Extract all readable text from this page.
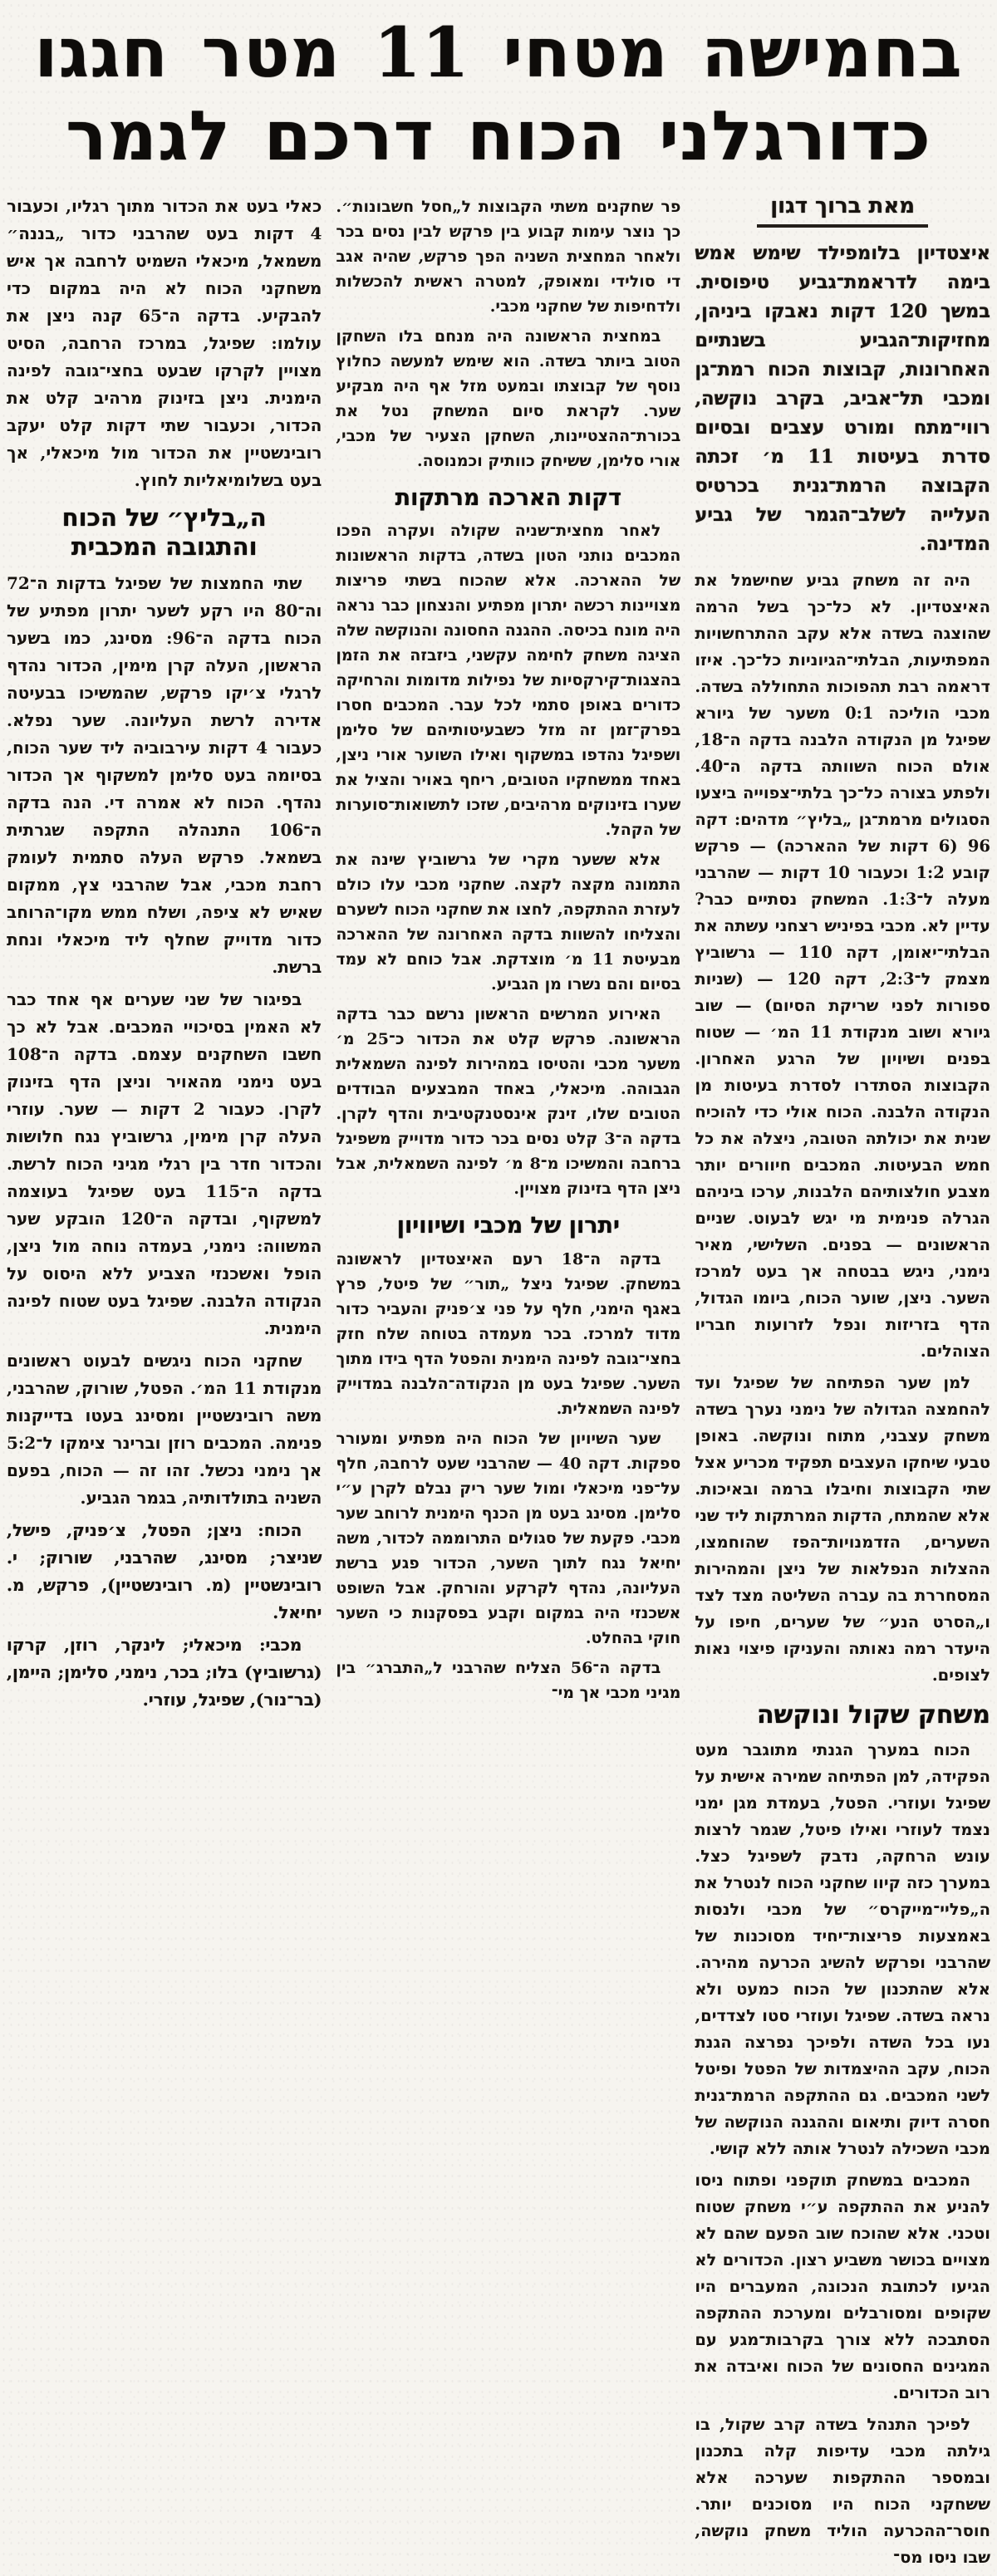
בחמישה מטחי 11 מטר חגגו
כדורגלני הכוח דרכם לגמר

מאת ברוך דגון

איצטדיון בלומפילד שימש אמש בימה לדראמת־גביע טיפוסית. במשך 120 דקות נאבקו ביניהן, מחזיקות־הגביע בשנתיים האחרונות, קבוצות הכוח רמת־גן ומכבי תל־אביב, בקרב נוקשה, רווי־מתח ומורט עצבים ובסיום סדרת בעיטות 11 מ׳ זכתה הקבוצה הרמת־גנית בכרטיס העלייה לשלב־הגמר של גביע המדינה.

היה זה משחק גביע שחישמל את האיצטדיון. לא כל־כך בשל הרמה שהוצגה בשדה אלא עקב ההתרחשויות המפתיעות, הבלתי־הגיוניות כל־כך. איזו דראמה רבת תהפוכות התחוללה בשדה. מכבי הוליכה 0:1 משער של גיורא שפיגל מן הנקודה הלבנה בדקה ה־18, אולם הכוח השוותה בדקה ה־40. ולפתע בצורה כל־כך בלתי־צפוייה ביצעו הסגולים מרמת־גן „בליץ״ מדהים: דקה 96 (6 דקות של ההארכה) — פרקש קובע 1:2 וכעבור 10 דקות — שהרבני מעלה ל־1:3. המשחק נסתיים כבר? עדיין לא. מכבי בפיניש רצחני עשתה את הבלתי־יאומן, דקה 110 — גרשוביץ מצמק ל־2:3, דקה 120 — (שניות ספורות לפני שריקת הסיום) — שוב גיורא ושוב מנקודת 11 המ׳ — שטוח בפנים ושיויון של הרגע האחרון. הקבוצות הסתדרו לסדרת בעיטות מן הנקודה הלבנה. הכוח אולי כדי להוכיח שנית את יכולתה הטובה, ניצלה את כל חמש הבעיטות. המכבים חיוורים יותר מצבע חולצותיהם הלבנות, ערכו ביניהם הגרלה פנימית מי יגש לבעוט. שניים הראשונים — בפנים. השלישי, מאיר נימני, ניגש בבטחה אך בעט למרכז השער. ניצן, שוער הכוח, ביומו הגדול, הדף בזריזות ונפל לזרועות חבריו הצוהלים.

למן שער הפתיחה של שפיגל ועד להחמצה הגדולה של נימני נערך בשדה משחק עצבני, מתוח ונוקשה. באופן טבעי שיחקו העצבים תפקיד מכריע אצל שתי הקבוצות וחיבלו ברמה ובאיכות. אלא שהמתח, הדקות המרתקות ליד שני השערים, הזדמנויות־הפז שהוחמצו, ההצלות הנפלאות של ניצן והמהירות המסחררת בה עברה השליטה מצד לצד ו„הסרט הנע״ של שערים, חיפו על היעדר רמה נאותה והעניקו פיצוי נאות לצופים.

משחק שקול ונוקשה

הכוח במערך הגנתי מתוגבר מעט הפקידה, למן הפתיחה שמירה אישית על שפיגל ועוזרי. הפטל, בעמדת מגן ימני נצמד לעוזרי ואילו פיטל, שגמר לרצות עונש הרחקה, נדבק לשפיגל כצל. במערך כזה קיוו שחקני הכוח לנטרל את ה„פליי־מייקרס״ של מכבי ולנסות באמצעות פריצות־יחיד מסוכנות של שהרבני ופרקש להשיג הכרעה מהירה. אלא שהתכנון של הכוח כמעט ולא נראה בשדה. שפיגל ועוזרי סטו לצדדים, נעו בכל השדה ולפיכך נפרצה הגנת הכוח, עקב ההיצמדות של הפטל ופיטל לשני המכבים. גם ההתקפה הרמת־גנית חסרה דיוק ותיאום וההגנה הנוקשה של מכבי השכילה לנטרל אותה ללא קושי.

המכבים במשחק תוקפני ופתוח ניסו להניע את ההתקפה ע״י משחק שטוח וטכני. אלא שהוכח שוב הפעם שהם לא מצויים בכושר משביע רצון. הכדורים לא הגיעו לכתובת הנכונה, המעברים היו שקופים ומסורבלים ומערכת ההתקפה הסתבכה ללא צורך בקרבות־מגע עם המגינים החסונים של הכוח ואיבדה את רוב הכדורים.

לפיכך התנהל בשדה קרב שקול, בו גילתה מכבי עדיפות קלה בתכנון ובמספר ההתקפות שערכה אלא ששחקני הכוח היו מסוכנים יותר. חוסר־ההכרעה הוליד משחק נוקשה, שבו ניסו מס־

פר שחקנים משתי הקבוצות ל„חסל חשבונות״. כך נוצר עימות קבוע בין פרקש לבין נסים בכר ולאחר המחצית השניה הפך פרקש, שהיה אגב די סולידי ומאופק, למטרה ראשית להכשלות ולדחיפות של שחקני מכבי.

במחצית הראשונה היה מנחם בלו השחקן הטוב ביותר בשדה. הוא שימש למעשה כחלוץ נוסף של קבוצתו ובמעט מזל אף היה מבקיע שער. לקראת סיום המשחק נטל את בכורת־ההצטיינות, השחקן הצעיר של מכבי, אורי סלימן, ששיחק כוותיק וכמנוסה.

דקות הארכה מרתקות

לאחר מחצית־שניה שקולה ועקרה הפכו המכבים נותני הטון בשדה, בדקות הראשונות של ההארכה. אלא שהכוח בשתי פריצות מצויינות רכשה יתרון מפתיע והנצחון כבר נראה היה מונח בכיסה. ההגנה החסונה והנוקשה שלה הציגה משחק לחימה עקשני, ביזבזה את הזמן בהצגות־קירקסיות של נפילות מדומות והרחיקה כדורים באופן סתמי לכל עבר. המכבים חסרו בפרק־זמן זה מזל כשבעיטותיהם של סלימן ושפיגל נהדפו במשקוף ואילו השוער אורי ניצן, באחד ממשחקיו הטובים, ריחף באויר והציל את שערו בזינוקים מרהיבים, שזכו לתשואות־סוערות של הקהל.

אלא ששער מקרי של גרשוביץ שינה את התמונה מקצה לקצה. שחקני מכבי עלו כולם לעזרת ההתקפה, לחצו את שחקני הכוח לשערם והצליחו להשוות בדקה האחרונה של ההארכה מבעיטת 11 מ׳ מוצדקת. אבל כוחם לא עמד בסיום והם נשרו מן הגביע.

האירוע המרשים הראשון נרשם כבר בדקה הראשונה. פרקש קלט את הכדור כ־25 מ׳ משער מכבי והטיסו במהירות לפינה השמאלית הגבוהה. מיכאלי, באחד המבצעים הבודדים הטובים שלו, זינק אינסטנקטיבית והדף לקרן. בדקה ה־3 קלט נסים בכר כדור מדוייק משפיגל ברחבה והמשיכו מ־8 מ׳ לפינה השמאלית, אבל ניצן הדף בזינוק מצויין.

יתרון של מכבי ושיוויון

בדקה ה־18 רעם האיצטדיון לראשונה במשחק. שפיגל ניצל „תור״ של פיטל, פרץ באגף הימני, חלף על פני צ׳פניק והעביר כדור מדוד למרכז. בכר מעמדה בטוחה שלח חזק בחצי־גובה לפינה הימנית והפטל הדף בידו מתוך השער. שפיגל בעט מן הנקודה־הלבנה במדוייק לפינה השמאלית.

שער השיויון של הכוח היה מפתיע ומעורר ספקות. דקה 40 — שהרבני שעט לרחבה, חלף על־פני מיכאלי ומול שער ריק נבלם לקרן ע״י סלימן. מסינג בעט מן הכנף הימנית לרוחב שער מכבי. פקעת של סגולים התרוממה לכדור, משה יחיאל נגח לתוך השער, הכדור פגע ברשת העליונה, נהדף לקרקע והורחק. אבל השופט אשכנזי היה במקום וקבע בפסקנות כי השער חוקי בהחלט.

בדקה ה־56 הצליח שהרבני ל„התברג״ בין מגיני מכבי אך מי־

כאלי בעט את הכדור מתוך רגליו, וכעבור 4 דקות בעט שהרבני כדור „בננה״ משמאל, מיכאלי השמיט לרחבה אך איש משחקני הכוח לא היה במקום כדי להבקיע. בדקה ה־65 קנה ניצן את עולמו: שפיגל, במרכז הרחבה, הסיט מצויין לקרקו שבעט בחצי־גובה לפינה הימנית. ניצן בזינוק מרהיב קלט את הכדור, וכעבור שתי דקות קלט יעקב רובינשטיין את הכדור מול מיכאלי, אך בעט בשלומיאליות לחוץ.

ה„בליץ״ של הכוח
והתגובה המכבית

שתי החמצות של שפיגל בדקות ה־72 וה־80 היו רקע לשער יתרון מפתיע של הכוח בדקה ה־96: מסינג, כמו בשער הראשון, העלה קרן מימין, הכדור נהדף לרגלי צ׳יקו פרקש, שהמשיכו בבעיטה אדירה לרשת העליונה. שער נפלא. כעבור 4 דקות עירבוביה ליד שער הכוח, בסיומה בעט סלימן למשקוף אך הכדור נהדף. הכוח לא אמרה די. הנה בדקה ה־106 התנהלה התקפה שגרתית בשמאל. פרקש העלה סתמית לעומק רחבת מכבי, אבל שהרבני צץ, ממקום שאיש לא ציפה, ושלח ממש מקו־הרוחב כדור מדוייק שחלף ליד מיכאלי ונחת ברשת.

בפיגור של שני שערים אף אחד כבר לא האמין בסיכויי המכבים. אבל לא כך חשבו השחקנים עצמם. בדקה ה־108 בעט נימני מהאויר וניצן הדף בזינוק לקרן. כעבור 2 דקות — שער. עוזרי העלה קרן מימין, גרשוביץ נגח חלושות והכדור חדר בין רגלי מגיני הכוח לרשת. בדקה ה־115 בעט שפיגל בעוצמה למשקוף, ובדקה ה־120 הובקע שער המשווה: נימני, בעמדה נוחה מול ניצן, הופל ואשכנזי הצביע ללא היסוס על הנקודה הלבנה. שפיגל בעט שטוח לפינה הימנית.

שחקני הכוח ניגשים לבעוט ראשונים מנקודת 11 המ׳. הפטל, שורוק, שהרבני, משה רובינשטיין ומסינג בעטו בדייקנות פנימה. המכבים רוזן וברינר צימקו ל־5:2 אך נימני נכשל. זהו זה — הכוח, בפעם השניה בתולדותיה, בגמר הגביע.

הכוח: ניצן; הפטל, צ׳פניק, פישל, שניצר; מסינג, שהרבני, שורוק; י. רובינשטיין (מ. רובינשטיין), פרקש, מ. יחיאל.

מכבי: מיכאלי; לינקר, רוזן, קרקו (גרשוביץ) בלו; בכר, נימני, סלימן; היימן, (בר־נור), שפיגל, עוזרי.
